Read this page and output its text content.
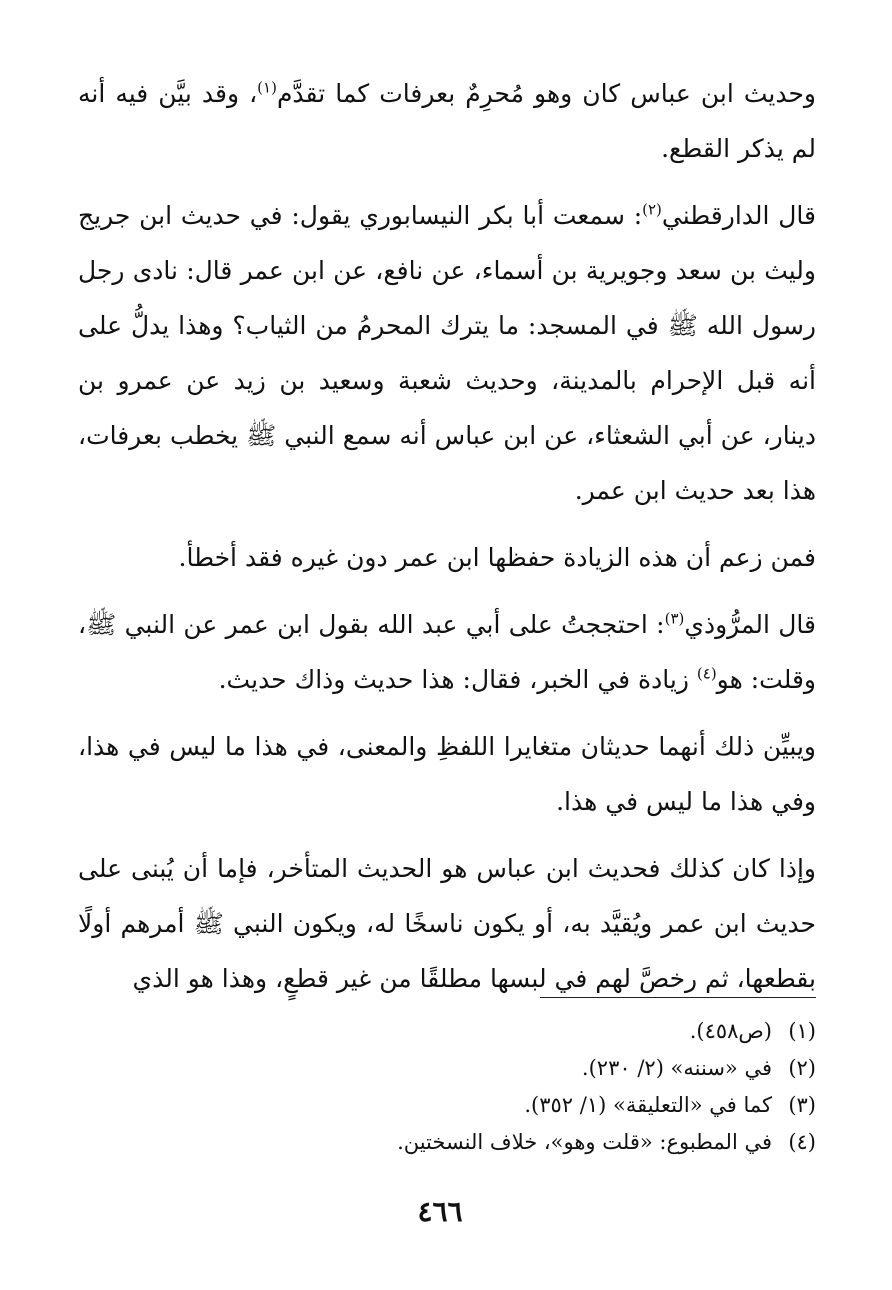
وحديث ابن عباس كان وهو مُحرِمٌ بعرفات كما تقدَّم$^{(١)}$، وقد بيَّن فيه أنه لم يذكر القطع.

قال الدارقطني$^{(٢)}$: سمعت أبا بكر النيسابوري يقول: في حديث ابن جريج وليث بن سعد وجويرية بن أسماء، عن نافع، عن ابن عمر قال: نادى رجل رسول الله ﷺ في المسجد: ما يترك المحرمُ من الثياب؟ وهذا يدلُّ على أنه قبل الإحرام بالمدينة، وحديث شعبة وسعيد بن زيد عن عمرو بن دينار، عن أبي الشعثاء، عن ابن عباس أنه سمع النبي ﷺ يخطب بعرفات، هذا بعد حديث ابن عمر.

فمن زعم أن هذه الزيادة حفظها ابن عمر دون غيره فقد أخطأ.

قال المرُّوذي$^{(٣)}$: احتججتُ على أبي عبد الله بقول ابن عمر عن النبي ﷺ، وقلت: هو$^{(٤)}$ زيادة في الخبر، فقال: هذا حديث وذاك حديث.

ويبيِّن ذلك أنهما حديثان متغايرا اللفظِ والمعنى، في هذا ما ليس في هذا، وفي هذا ما ليس في هذا.

وإذا كان كذلك فحديث ابن عباس هو الحديث المتأخر، فإما أن يُبنى على حديث ابن عمر ويُقيَّد به، أو يكون ناسخًا له، ويكون النبي ﷺ أمرهم أولًا بقطعها، ثم رخصَّ لهم في لبسها مطلقًا من غير قطعٍ، وهذا هو الذي

(١)(ص٤٥٨).

(٢)في «سننه» (٢/ ٢٣٠).

(٣)كما في «التعليقة» (١/ ٣٥٢).

(٤)في المطبوع: «قلت وهو»، خلاف النسختين.

٤٦٦
